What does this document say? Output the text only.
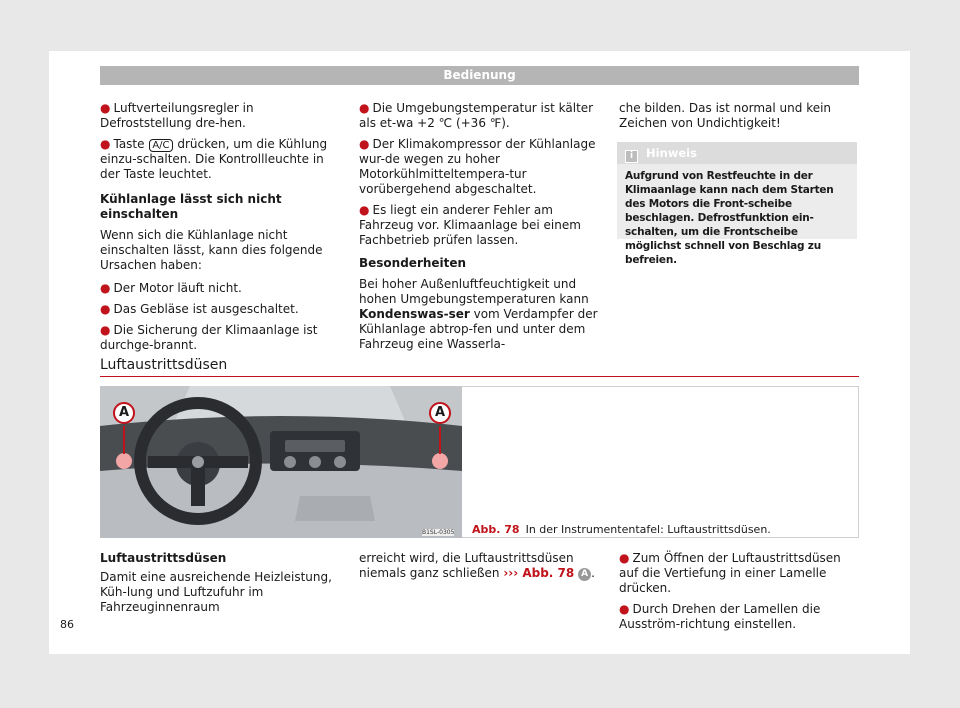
Bedienung

● Luftverteilungsregler in Defroststellung dre-hen.

● Taste A/C drücken, um die Kühlung einzu-schalten. Die Kontrollleuchte in der Taste leuchtet.

Kühlanlage lässt sich nicht einschalten

Wenn sich die Kühlanlage nicht einschalten lässt, kann dies folgende Ursachen haben:

● Der Motor läuft nicht.

● Das Gebläse ist ausgeschaltet.

● Die Sicherung der Klimaanlage ist durchge-brannt.

● Die Umgebungstemperatur ist kälter als et-wa +2 ℃ (+36 ℉).

● Der Klimakompressor der Kühlanlage wur-de wegen zu hoher Motorkühlmitteltempera-tur vorübergehend abgeschaltet.

● Es liegt ein anderer Fehler am Fahrzeug vor. Klimaanlage bei einem Fachbetrieb prüfen lassen.

Besonderheiten

Bei hoher Außenluftfeuchtigkeit und hohen Umgebungstemperaturen kann Kondenswas-ser vom Verdampfer der Kühlanlage abtrop-fen und unter dem Fahrzeug eine Wasserla-

che bilden. Das ist normal und kein Zeichen von Undichtigkeit!

i Hinweis
Aufgrund von Restfeuchte in der Klimaanlage kann nach dem Starten des Motors die Front-scheibe beschlagen. Defrostfunktion ein-schalten, um die Frontscheibe möglichst schnell von Beschlag zu befreien.
Luftaustrittsdüsen
A	A
B1SL-0305 Abb. 78 In der Instrumententafel: Luftaustrittsdüsen.

Luftaustrittsdüsen

Damit eine ausreichende Heizleistung, Küh-lung und Luftzufuhr im Fahrzeuginnenraum

erreicht wird, die Luftaustrittsdüsen niemals ganz schließen ››› Abb. 78 A .

● Zum Öffnen der Luftaustrittsdüsen auf die Vertiefung in einer Lamelle drücken.

● Durch Drehen der Lamellen die Ausström-richtung einstellen.

86
